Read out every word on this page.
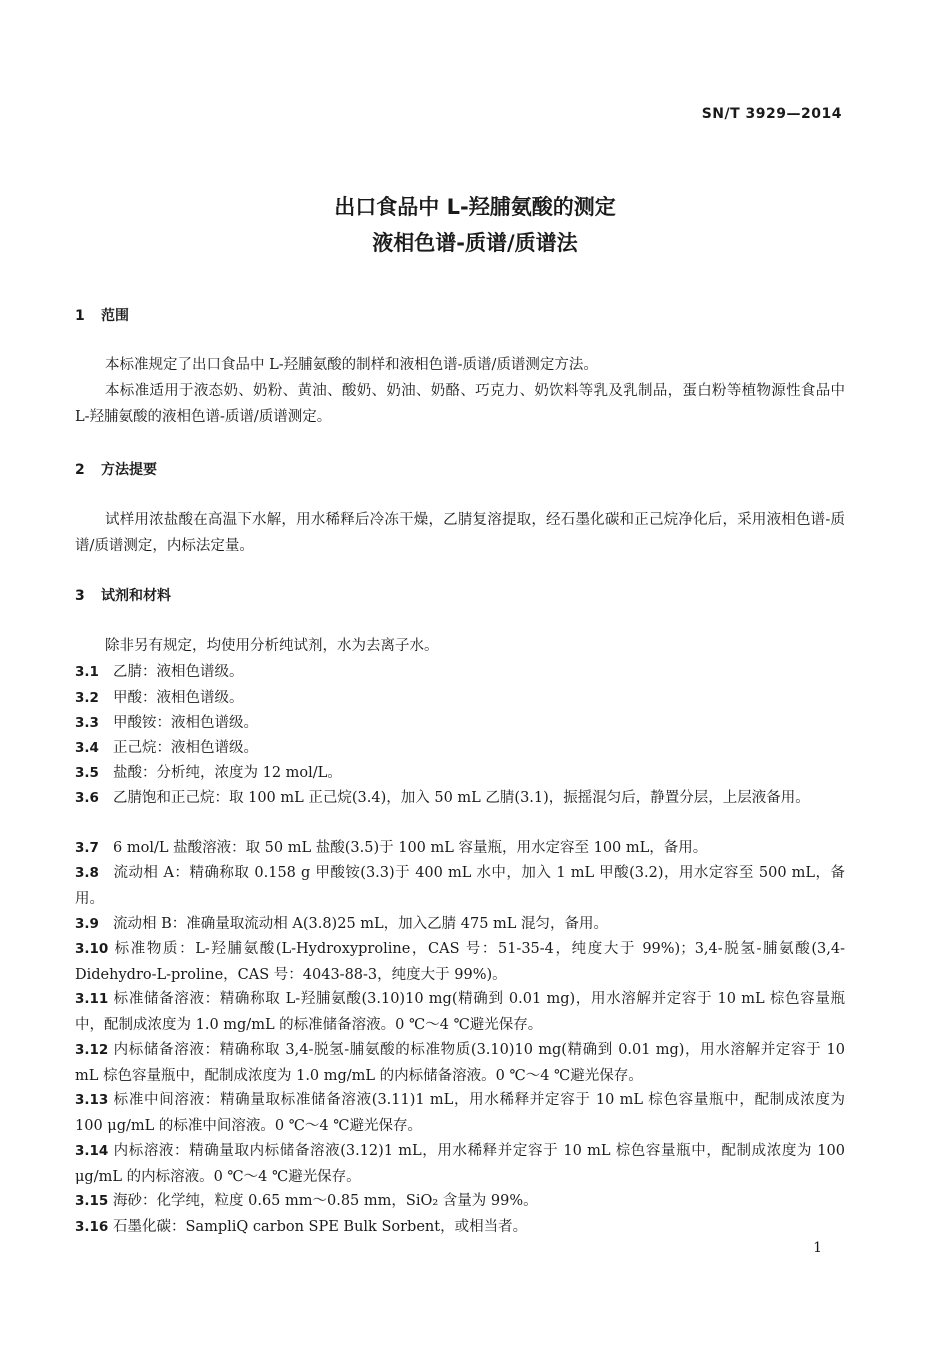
SN/T 3929—2014
出口食品中 L-羟脯氨酸的测定
液相色谱-质谱/质谱法
1 范围
本标准规定了出口食品中 L-羟脯氨酸的制样和液相色谱-质谱/质谱测定方法。
本标准适用于液态奶、奶粉、黄油、酸奶、奶油、奶酪、巧克力、奶饮料等乳及乳制品，蛋白粉等植物源性食品中 L-羟脯氨酸的液相色谱-质谱/质谱测定。
2 方法提要
试样用浓盐酸在高温下水解，用水稀释后冷冻干燥，乙腈复溶提取，经石墨化碳和正己烷净化后，采用液相色谱-质谱/质谱测定，内标法定量。
3 试剂和材料
除非另有规定，均使用分析纯试剂，水为去离子水。
3.1 乙腈：液相色谱级。
3.2 甲酸：液相色谱级。
3.3 甲酸铵：液相色谱级。
3.4 正己烷：液相色谱级。
3.5 盐酸：分析纯，浓度为 12 mol/L。
3.6 乙腈饱和正己烷：取 100 mL 正己烷(3.4)，加入 50 mL 乙腈(3.1)，振摇混匀后，静置分层，上层液备用。
3.7 6 mol/L 盐酸溶液：取 50 mL 盐酸(3.5)于 100 mL 容量瓶，用水定容至 100 mL，备用。
3.8 流动相 A：精确称取 0.158 g 甲酸铵(3.3)于 400 mL 水中，加入 1 mL 甲酸(3.2)，用水定容至 500 mL，备用。
3.9 流动相 B：准确量取流动相 A(3.8)25 mL，加入乙腈 475 mL 混匀，备用。
3.10 标准物质：L-羟脯氨酸(L-Hydroxyproline，CAS 号：51-35-4，纯度大于 99%)；3,4-脱氢-脯氨酸(3,4-Didehydro-L-proline，CAS 号：4043-88-3，纯度大于 99%)。
3.11 标准储备溶液：精确称取 L-羟脯氨酸(3.10)10 mg(精确到 0.01 mg)，用水溶解并定容于 10 mL 棕色容量瓶中，配制成浓度为 1.0 mg/mL 的标准储备溶液。0 ℃～4 ℃避光保存。
3.12 内标储备溶液：精确称取 3,4-脱氢-脯氨酸的标准物质(3.10)10 mg(精确到 0.01 mg)，用水溶解并定容于 10 mL 棕色容量瓶中，配制成浓度为 1.0 mg/mL 的内标储备溶液。0 ℃～4 ℃避光保存。
3.13 标准中间溶液：精确量取标准储备溶液(3.11)1 mL，用水稀释并定容于 10 mL 棕色容量瓶中，配制成浓度为 100 μg/mL 的标准中间溶液。0 ℃～4 ℃避光保存。
3.14 内标溶液：精确量取内标储备溶液(3.12)1 mL，用水稀释并定容于 10 mL 棕色容量瓶中，配制成浓度为 100 μg/mL 的内标溶液。0 ℃～4 ℃避光保存。
3.15 海砂：化学纯，粒度 0.65 mm～0.85 mm，SiO₂ 含量为 99%。
3.16 石墨化碳：SampliQ carbon SPE Bulk Sorbent，或相当者。
1
